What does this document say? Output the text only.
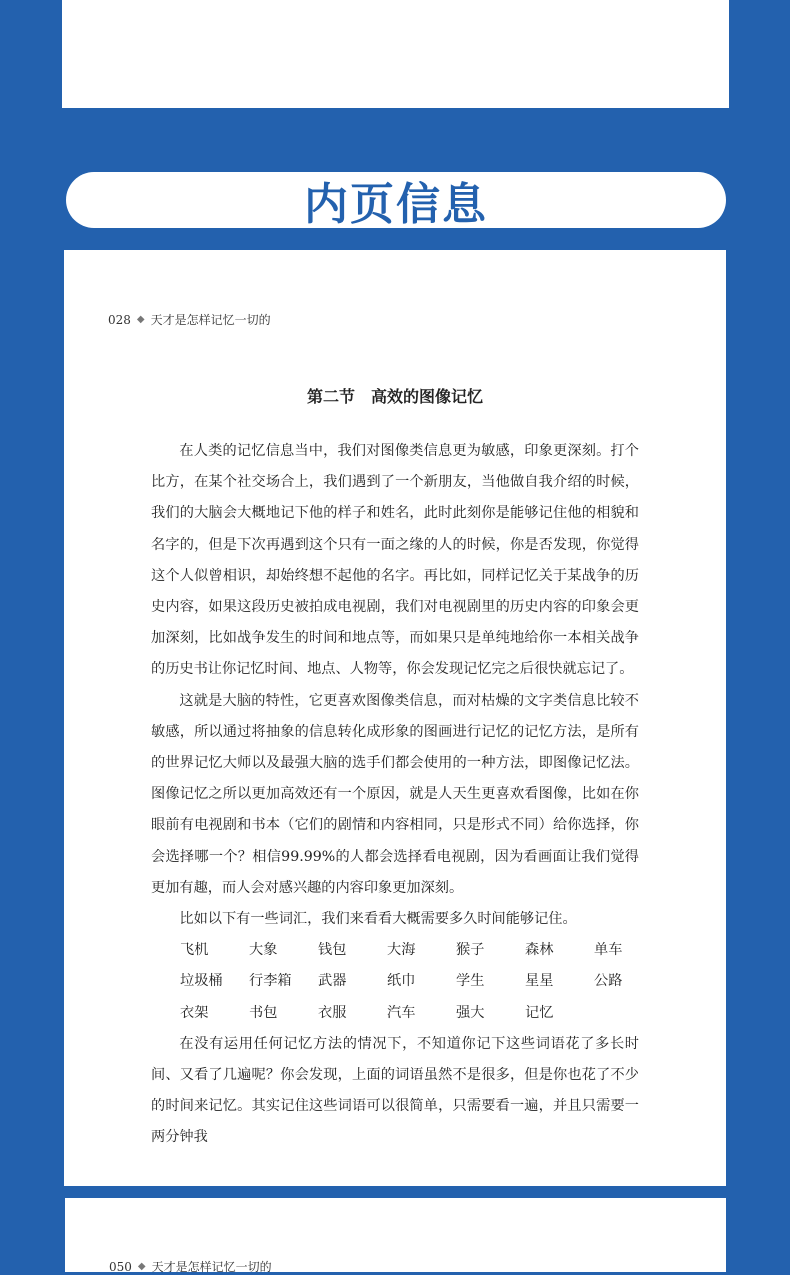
内页信息
028 ◆ 天才是怎样记忆一切的
第二节 高效的图像记忆

在人类的记忆信息当中，我们对图像类信息更为敏感，印象更深刻。打个比方，在某个社交场合上，我们遇到了一个新朋友，当他做自我介绍的时候，我们的大脑会大概地记下他的样子和姓名，此时此刻你是能够记住他的相貌和名字的，但是下次再遇到这个只有一面之缘的人的时候，你是否发现，你觉得这个人似曾相识，却始终想不起他的名字。再比如，同样记忆关于某战争的历史内容，如果这段历史被拍成电视剧，我们对电视剧里的历史内容的印象会更加深刻，比如战争发生的时间和地点等，而如果只是单纯地给你一本相关战争的历史书让你记忆时间、地点、人物等，你会发现记忆完之后很快就忘记了。

这就是大脑的特性，它更喜欢图像类信息，而对枯燥的文字类信息比较不敏感，所以通过将抽象的信息转化成形象的图画进行记忆的记忆方法，是所有的世界记忆大师以及最强大脑的选手们都会使用的一种方法，即图像记忆法。图像记忆之所以更加高效还有一个原因，就是人天生更喜欢看图像，比如在你眼前有电视剧和书本（它们的剧情和内容相同，只是形式不同）给你选择，你会选择哪一个？相信99.99%的人都会选择看电视剧，因为看画面让我们觉得更加有趣，而人会对感兴趣的内容印象更加深刻。

比如以下有一些词汇，我们来看看大概需要多久时间能够记住。

飞机	大象	钱包	大海	猴子	森林	单车
垃圾桶	行李箱	武器	纸巾	学生	星星	公路
衣架	书包	衣服	汽车	强大	记忆

在没有运用任何记忆方法的情况下，不知道你记下这些词语花了多长时间、又看了几遍呢？你会发现，上面的词语虽然不是很多，但是你也花了不少的时间来记忆。其实记住这些词语可以很简单，只需要看一遍，并且只需要一两分钟我

050 ◆ 天才是怎样记忆一切的
